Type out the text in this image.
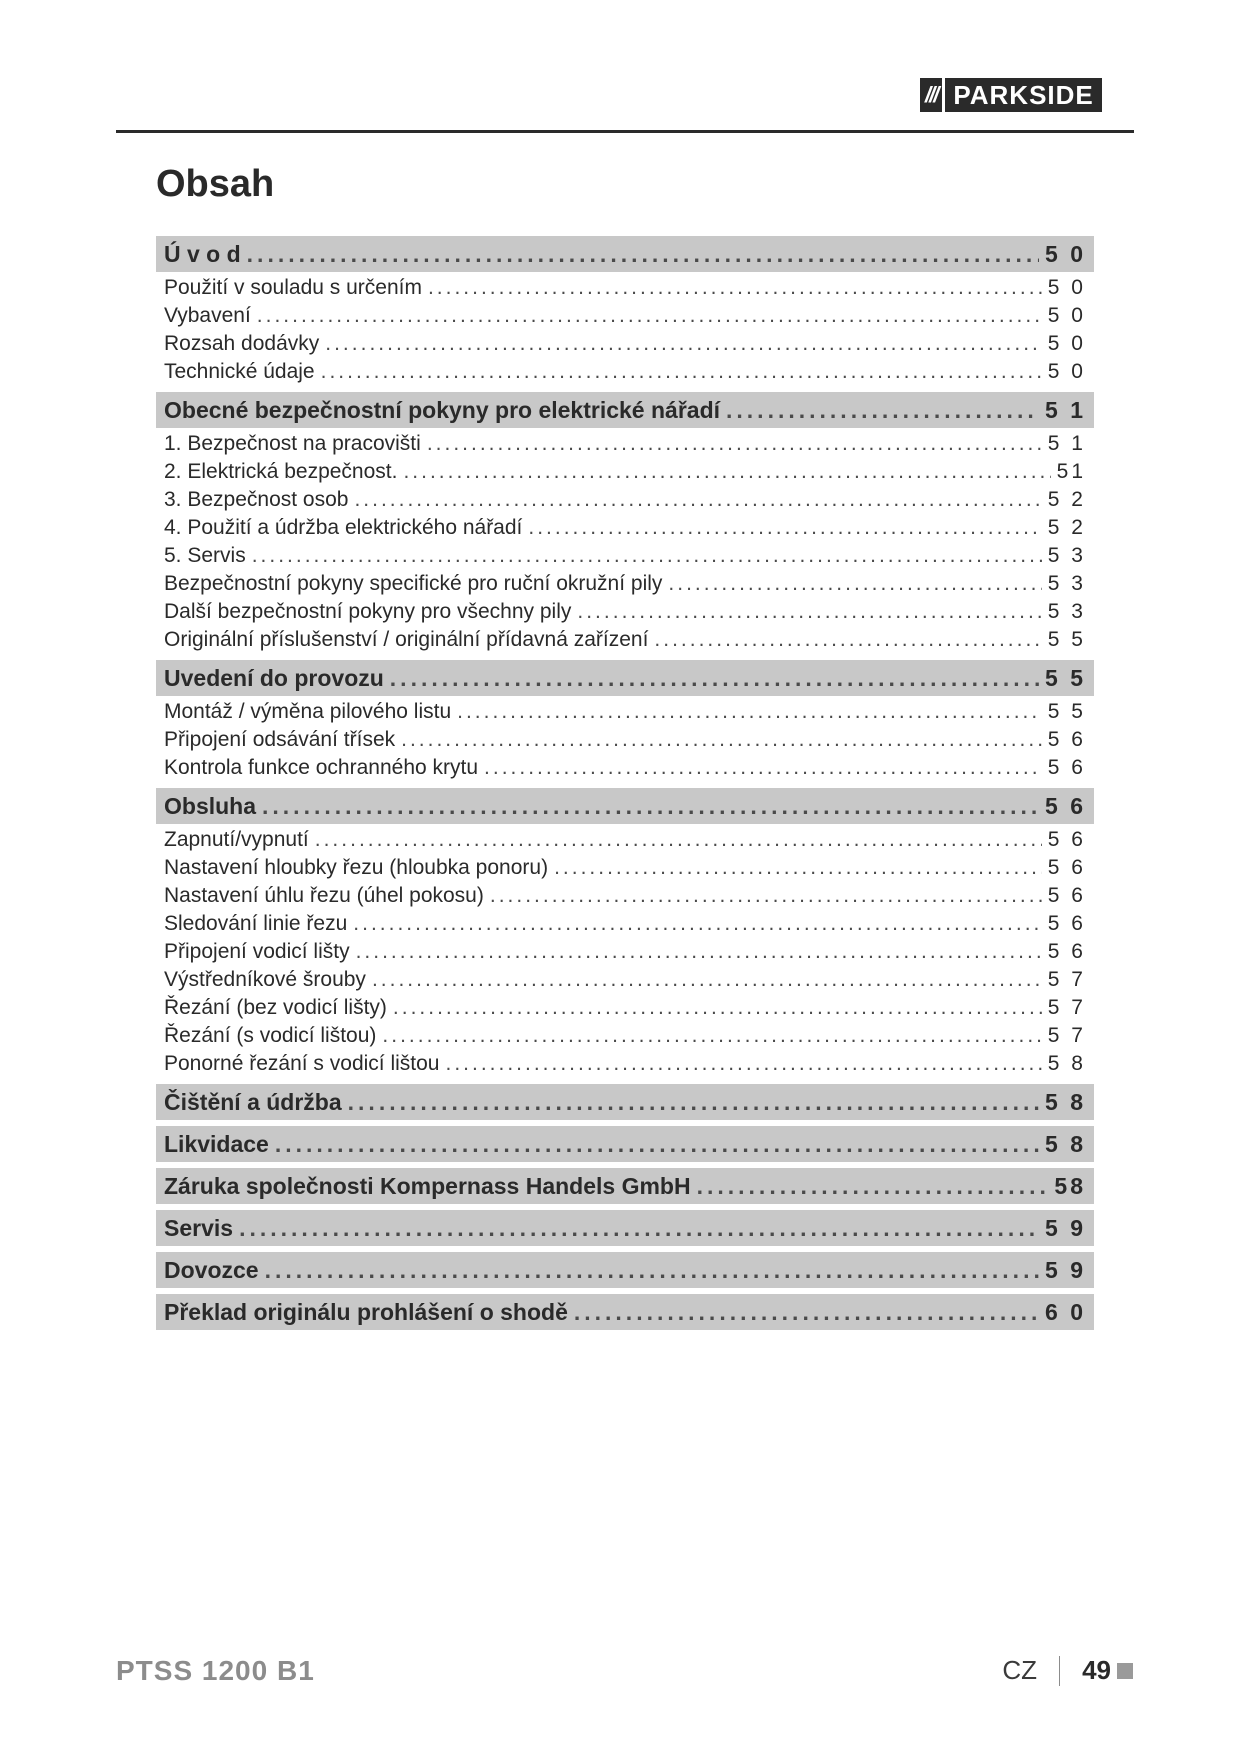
/// PARKSIDE
Obsah
Ú v o d .....	5 0
Použití v souladu s určením .....	5 0
Vybavení .....	5 0
Rozsah dodávky .....	5 0
Technické údaje .....	5 0
Obecné bezpečnostní pokyny pro elektrické nářadí .....	5 1
1. Bezpečnost na pracovišti .....	5 1
2. Elektrická bezpečnost. .....	51
3. Bezpečnost osob .....	5 2
4. Použití a údržba elektrického nářadí .....	5 2
5. Servis .....	5 3
Bezpečnostní pokyny specifické pro ruční okružní pily .....	5 3
Další bezpečnostní pokyny pro všechny pily .....	5 3
Originální příslušenství / originální přídavná zařízení .....	5 5
Uvedení do provozu .....	5 5
Montáž / výměna pilového listu .....	5 5
Připojení odsávání třísek .....	5 6
Kontrola funkce ochranného krytu .....	5 6
Obsluha .....	5 6
Zapnutí/vypnutí .....	5 6
Nastavení hloubky řezu (hloubka ponoru) .....	5 6
Nastavení úhlu řezu (úhel pokosu) .....	5 6
Sledování linie řezu .....	5 6
Připojení vodicí lišty .....	5 6
Výstředníkové šrouby .....	5 7
Řezání (bez vodicí lišty) .....	5 7
Řezání (s vodicí lištou) .....	5 7
Ponorné řezání s vodicí lištou .....	5 8
Čištění a údržba .....	5 8
Likvidace .....	5 8
Záruka společnosti Kompernass Handels GmbH .....	58
Servis .....	5 9
Dovozce .....	5 9
Překlad originálu prohlášení o shodě .....	6 0
PTSS 1200 B1	CZ 49
